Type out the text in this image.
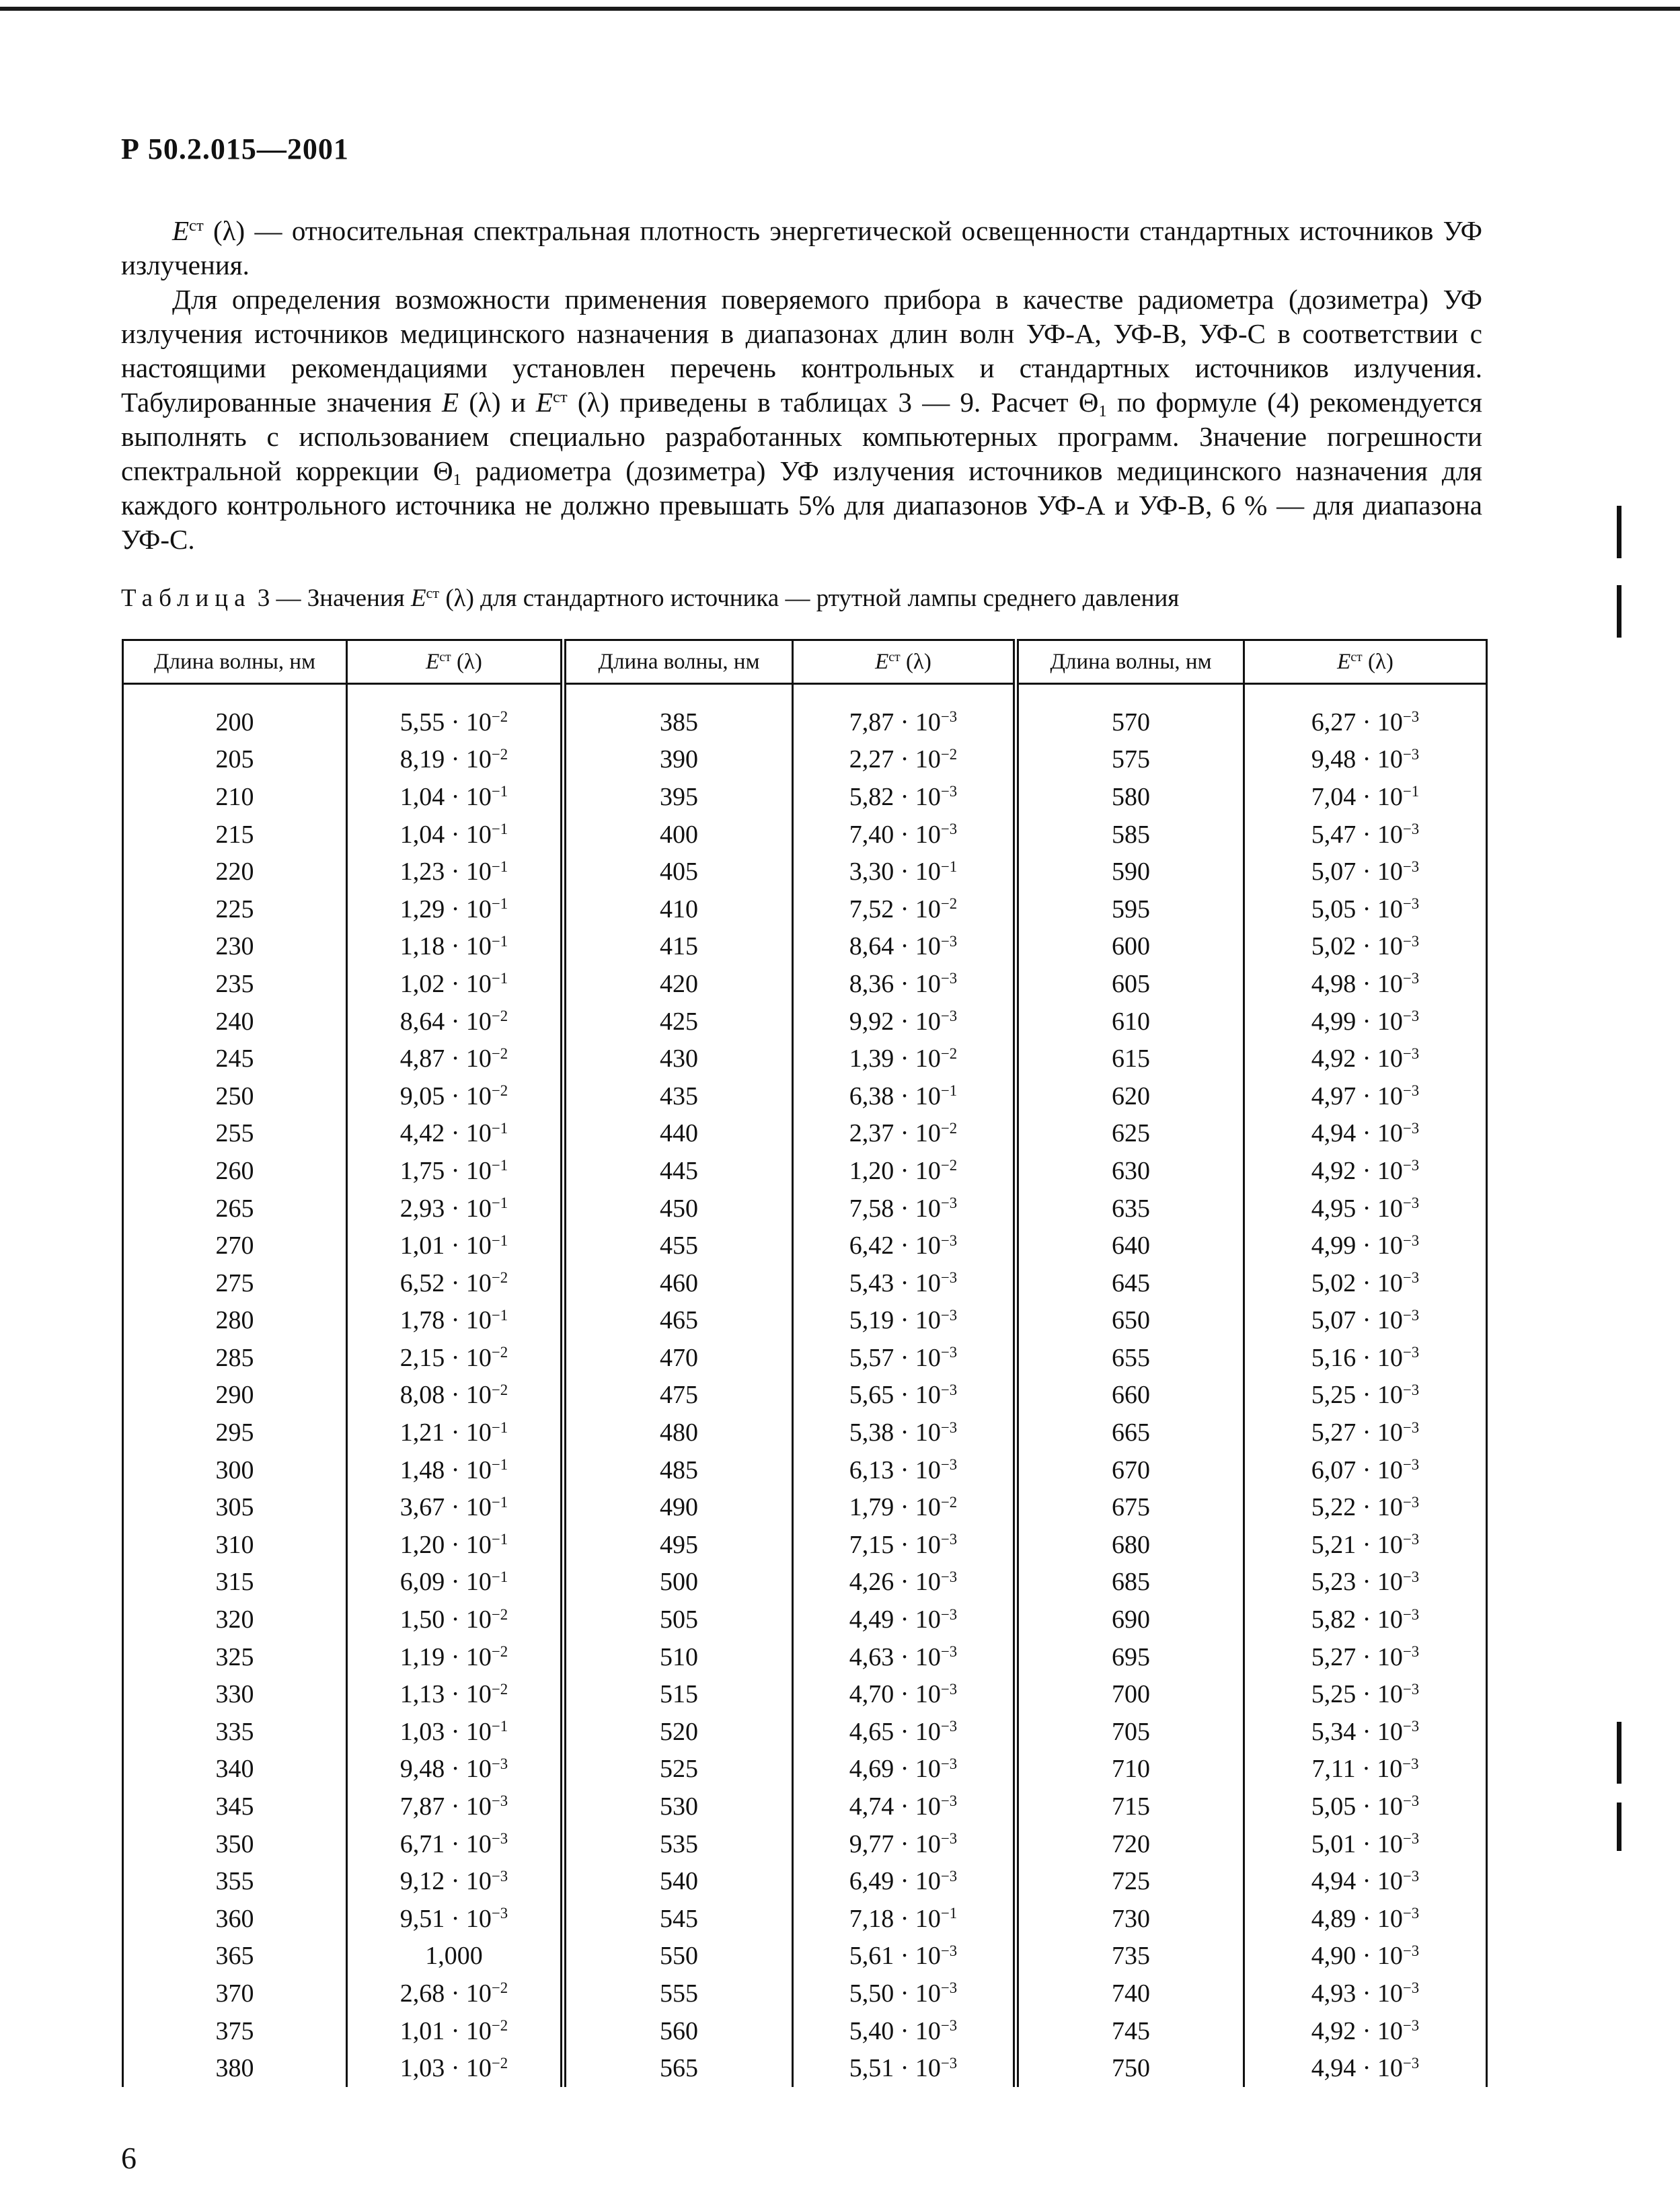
Р 50.2.015—2001

$E^{ст}$ (λ) — относительная спектральная плотность энергетической освещенности стандартных источников УФ излучения.

Для определения возможности применения поверяемого прибора в качестве радиометра (дозиметра) УФ излучения источников медицинского назначения в диапазонах длин волн УФ-А, УФ-В, УФ-С в соответствии с настоящими рекомендациями установлен перечень контрольных и стандартных источников излучения. Табулированные значения E (λ) и $E^{ст}$ (λ) приведены в таблицах 3 — 9. Расчет $\Theta_1$ по формуле (4) рекомендуется выполнять с использованием специально разработанных компьютерных программ. Значение погрешности спектральной коррекции $\Theta_1$ радиометра (дозиметра) УФ излучения источников медицинского назначения для каждого контрольного источника не должно превышать 5% для диапазонов УФ-А и УФ-В, 6 % — для диапазона УФ-С.

Таблица 3 — Значения $E^{ст}$ (λ) для стандартного источника — ртутной лампы среднего давления
Длина волны, нм	$E^{ст}$ (λ)	Длина волны, нм	$E^{ст}$ (λ)	Длина волны, нм	$E^{ст}$ (λ)
200	$5,55 \cdot 10^{-2}$	385	$7,87 \cdot 10^{-3}$	570	$6,27 \cdot 10^{-3}$
205	$8,19 \cdot 10^{-2}$	390	$2,27 \cdot 10^{-2}$	575	$9,48 \cdot 10^{-3}$
210	$1,04 \cdot 10^{-1}$	395	$5,82 \cdot 10^{-3}$	580	$7,04 \cdot 10^{-1}$
215	$1,04 \cdot 10^{-1}$	400	$7,40 \cdot 10^{-3}$	585	$5,47 \cdot 10^{-3}$
220	$1,23 \cdot 10^{-1}$	405	$3,30 \cdot 10^{-1}$	590	$5,07 \cdot 10^{-3}$
225	$1,29 \cdot 10^{-1}$	410	$7,52 \cdot 10^{-2}$	595	$5,05 \cdot 10^{-3}$
230	$1,18 \cdot 10^{-1}$	415	$8,64 \cdot 10^{-3}$	600	$5,02 \cdot 10^{-3}$
235	$1,02 \cdot 10^{-1}$	420	$8,36 \cdot 10^{-3}$	605	$4,98 \cdot 10^{-3}$
240	$8,64 \cdot 10^{-2}$	425	$9,92 \cdot 10^{-3}$	610	$4,99 \cdot 10^{-3}$
245	$4,87 \cdot 10^{-2}$	430	$1,39 \cdot 10^{-2}$	615	$4,92 \cdot 10^{-3}$
250	$9,05 \cdot 10^{-2}$	435	$6,38 \cdot 10^{-1}$	620	$4,97 \cdot 10^{-3}$
255	$4,42 \cdot 10^{-1}$	440	$2,37 \cdot 10^{-2}$	625	$4,94 \cdot 10^{-3}$
260	$1,75 \cdot 10^{-1}$	445	$1,20 \cdot 10^{-2}$	630	$4,92 \cdot 10^{-3}$
265	$2,93 \cdot 10^{-1}$	450	$7,58 \cdot 10^{-3}$	635	$4,95 \cdot 10^{-3}$
270	$1,01 \cdot 10^{-1}$	455	$6,42 \cdot 10^{-3}$	640	$4,99 \cdot 10^{-3}$
275	$6,52 \cdot 10^{-2}$	460	$5,43 \cdot 10^{-3}$	645	$5,02 \cdot 10^{-3}$
280	$1,78 \cdot 10^{-1}$	465	$5,19 \cdot 10^{-3}$	650	$5,07 \cdot 10^{-3}$
285	$2,15 \cdot 10^{-2}$	470	$5,57 \cdot 10^{-3}$	655	$5,16 \cdot 10^{-3}$
290	$8,08 \cdot 10^{-2}$	475	$5,65 \cdot 10^{-3}$	660	$5,25 \cdot 10^{-3}$
295	$1,21 \cdot 10^{-1}$	480	$5,38 \cdot 10^{-3}$	665	$5,27 \cdot 10^{-3}$
300	$1,48 \cdot 10^{-1}$	485	$6,13 \cdot 10^{-3}$	670	$6,07 \cdot 10^{-3}$
305	$3,67 \cdot 10^{-1}$	490	$1,79 \cdot 10^{-2}$	675	$5,22 \cdot 10^{-3}$
310	$1,20 \cdot 10^{-1}$	495	$7,15 \cdot 10^{-3}$	680	$5,21 \cdot 10^{-3}$
315	$6,09 \cdot 10^{-1}$	500	$4,26 \cdot 10^{-3}$	685	$5,23 \cdot 10^{-3}$
320	$1,50 \cdot 10^{-2}$	505	$4,49 \cdot 10^{-3}$	690	$5,82 \cdot 10^{-3}$
325	$1,19 \cdot 10^{-2}$	510	$4,63 \cdot 10^{-3}$	695	$5,27 \cdot 10^{-3}$
330	$1,13 \cdot 10^{-2}$	515	$4,70 \cdot 10^{-3}$	700	$5,25 \cdot 10^{-3}$
335	$1,03 \cdot 10^{-1}$	520	$4,65 \cdot 10^{-3}$	705	$5,34 \cdot 10^{-3}$
340	$9,48 \cdot 10^{-3}$	525	$4,69 \cdot 10^{-3}$	710	$7,11 \cdot 10^{-3}$
345	$7,87 \cdot 10^{-3}$	530	$4,74 \cdot 10^{-3}$	715	$5,05 \cdot 10^{-3}$
350	$6,71 \cdot 10^{-3}$	535	$9,77 \cdot 10^{-3}$	720	$5,01 \cdot 10^{-3}$
355	$9,12 \cdot 10^{-3}$	540	$6,49 \cdot 10^{-3}$	725	$4,94 \cdot 10^{-3}$
360	$9,51 \cdot 10^{-3}$	545	$7,18 \cdot 10^{-1}$	730	$4,89 \cdot 10^{-3}$
365	1,000	550	$5,61 \cdot 10^{-3}$	735	$4,90 \cdot 10^{-3}$
370	$2,68 \cdot 10^{-2}$	555	$5,50 \cdot 10^{-3}$	740	$4,93 \cdot 10^{-3}$
375	$1,01 \cdot 10^{-2}$	560	$5,40 \cdot 10^{-3}$	745	$4,92 \cdot 10^{-3}$
380	$1,03 \cdot 10^{-2}$	565	$5,51 \cdot 10^{-3}$	750	$4,94 \cdot 10^{-3}$
6
